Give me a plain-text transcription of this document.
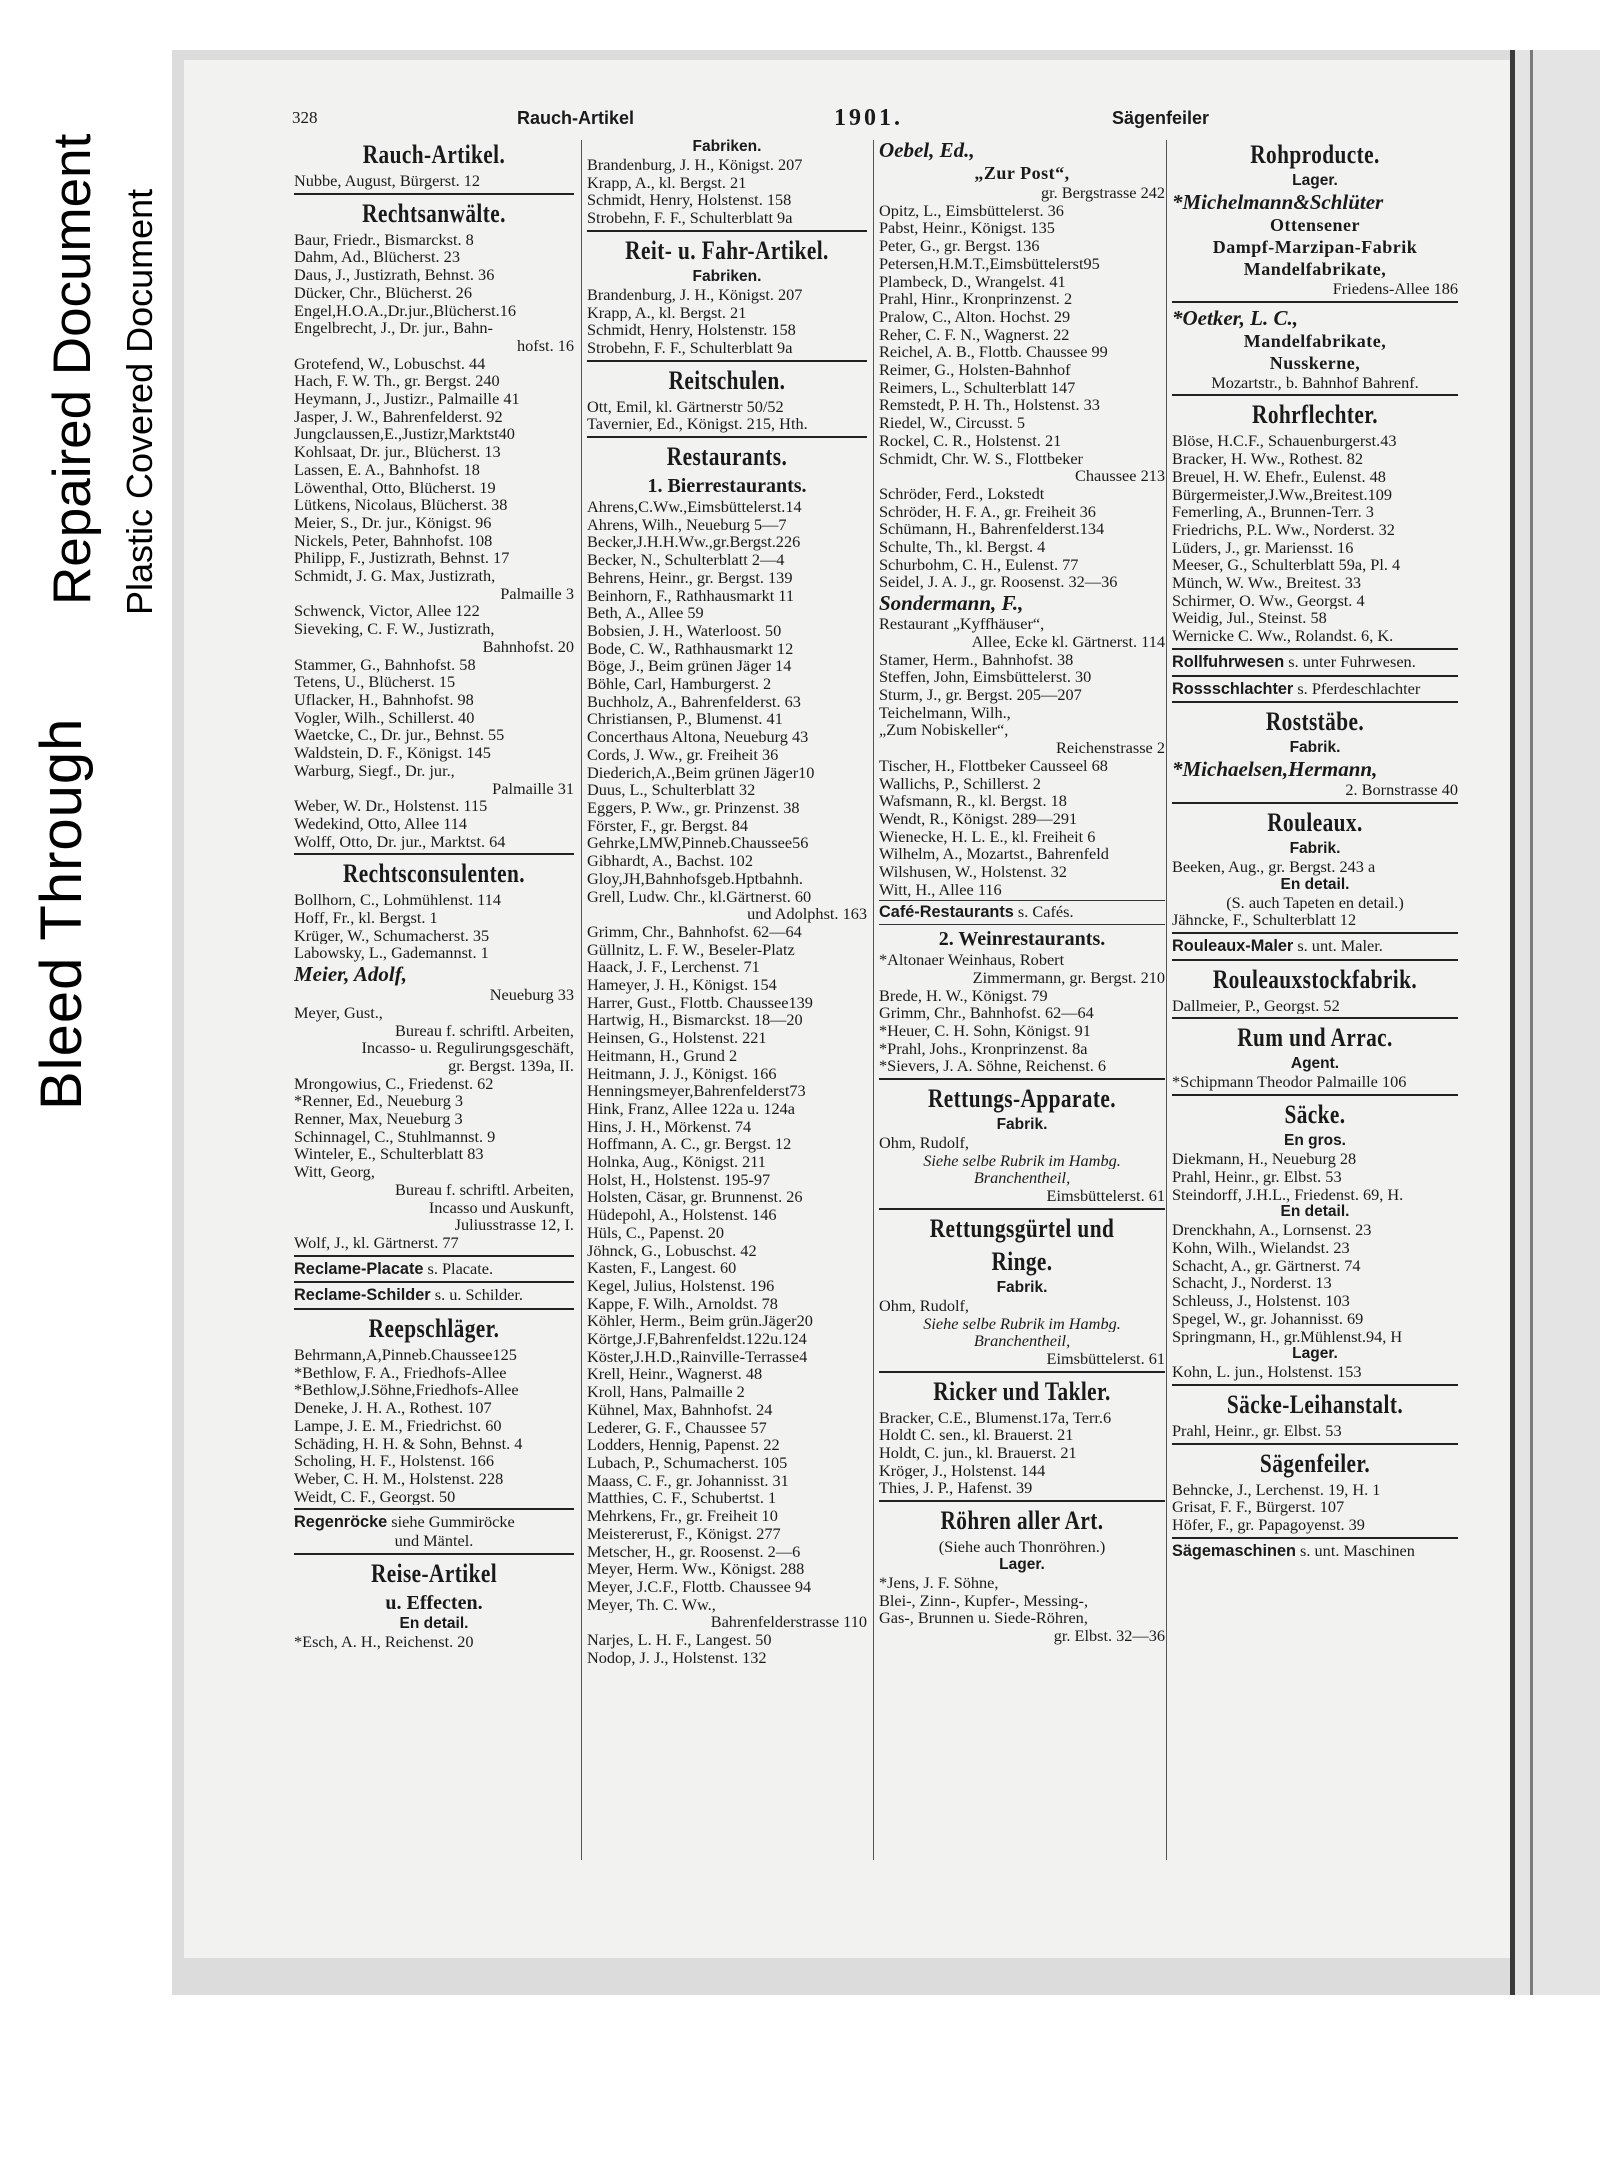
Bleed Through
Repaired Document Plastic Covered Document
328	Rauch-Artikel	1901.	Sägenfeiler
Rauch-Artikel.
Nubbe, August, Bürgerst. 12
Rechtsanwälte.
Baur, Friedr., Bismarckst. 8
Dahm, Ad., Blücherst. 23
Daus, J., Justizrath, Behnst. 36
Dücker, Chr., Blücherst. 26
Engel,H.O.A.,Dr.jur.,Blücherst.16
Engelbrecht, J., Dr. jur., Bahn-
hofst. 16
Grotefend, W., Lobuschst. 44
Hach, F. W. Th., gr. Bergst. 240
Heymann, J., Justizr., Palmaille 41
Jasper, J. W., Bahrenfelderst. 92
Jungclaussen,E.,Justizr,Marktst40
Kohlsaat, Dr. jur., Blücherst. 13
Lassen, E. A., Bahnhofst. 18
Löwenthal, Otto, Blücherst. 19
Lütkens, Nicolaus, Blücherst. 38
Meier, S., Dr. jur., Königst. 96
Nickels, Peter, Bahnhofst. 108
Philipp, F., Justizrath, Behnst. 17
Schmidt, J. G. Max, Justizrath,
Palmaille 3
Schwenck, Victor, Allee 122
Sieveking, C. F. W., Justizrath,
Bahnhofst. 20
Stammer, G., Bahnhofst. 58
Tetens, U., Blücherst. 15
Uflacker, H., Bahnhofst. 98
Vogler, Wilh., Schillerst. 40
Waetcke, C., Dr. jur., Behnst. 55
Waldstein, D. F., Königst. 145
Warburg, Siegf., Dr. jur.,
Palmaille 31
Weber, W. Dr., Holstenst. 115
Wedekind, Otto, Allee 114
Wolff, Otto, Dr. jur., Marktst. 64
Rechtsconsulenten.
Bollhorn, C., Lohmühlenst. 114
Hoff, Fr., kl. Bergst. 1
Krüger, W., Schumacherst. 35
Labowsky, L., Gademannst. 1
Meier, Adolf,
Neueburg 33
Meyer, Gust.,
Bureau f. schriftl. Arbeiten,
Incasso- u. Regulirungsgeschäft,
gr. Bergst. 139a, II.
Mrongowius, C., Friedenst. 62
*Renner, Ed., Neueburg 3
Renner, Max, Neueburg 3
Schinnagel, C., Stuhlmannst. 9
Winteler, E., Schulterblatt 83
Witt, Georg,
Bureau f. schriftl. Arbeiten,
Incasso und Auskunft,
Juliusstrasse 12, I.
Wolf, J., kl. Gärtnerst. 77
Reclame-Placate s. Placate.
Reclame-Schilder s. u. Schilder.
Reepschläger.
Behrmann,A,Pinneb.Chaussee125
*Bethlow, F. A., Friedhofs-Allee
*Bethlow,J.Söhne,Friedhofs-Allee
Deneke, J. H. A., Rothest. 107
Lampe, J. E. M., Friedrichst. 60
Schäding, H. H. & Sohn, Behnst. 4
Scholing, H. F., Holstenst. 166
Weber, C. H. M., Holstenst. 228
Weidt, C. F., Georgst. 50
Regenröcke siehe Gummiröcke
und Mäntel.
Reise-Artikel
u. Effecten.
En detail.
*Esch, A. H., Reichenst. 20
Fabriken.
Brandenburg, J. H., Königst. 207
Krapp, A., kl. Bergst. 21
Schmidt, Henry, Holstenst. 158
Strobehn, F. F., Schulterblatt 9a
Reit- u. Fahr-Artikel.
Fabriken.
Brandenburg, J. H., Königst. 207
Krapp, A., kl. Bergst. 21
Schmidt, Henry, Holstenstr. 158
Strobehn, F. F., Schulterblatt 9a
Reitschulen.
Ott, Emil, kl. Gärtnerstr 50/52
Tavernier, Ed., Königst. 215, Hth.
Restaurants.
1. Bierrestaurants.
Ahrens,C.Ww.,Eimsbüttelerst.14
Ahrens, Wilh., Neueburg 5—7
Becker,J.H.H.Ww.,gr.Bergst.226
Becker, N., Schulterblatt 2—4
Behrens, Heinr., gr. Bergst. 139
Beinhorn, F., Rathhausmarkt 11
Beth, A., Allee 59
Bobsien, J. H., Waterloost. 50
Bode, C. W., Rathhausmarkt 12
Böge, J., Beim grünen Jäger 14
Böhle, Carl, Hamburgerst. 2
Buchholz, A., Bahrenfelderst. 63
Christiansen, P., Blumenst. 41
Concerthaus Altona, Neueburg 43
Cords, J. Ww., gr. Freiheit 36
Diederich,A.,Beim grünen Jäger10
Duus, L., Schulterblatt 32
Eggers, P. Ww., gr. Prinzenst. 38
Förster, F., gr. Bergst. 84
Gehrke,LMW,Pinneb.Chaussee56
Gibhardt, A., Bachst. 102
Gloy,JH,Bahnhofsgeb.Hptbahnh.
Grell, Ludw. Chr., kl.Gärtnerst. 60
und Adolphst. 163
Grimm, Chr., Bahnhofst. 62—64
Güllnitz, L. F. W., Beseler-Platz
Haack, J. F., Lerchenst. 71
Hameyer, J. H., Königst. 154
Harrer, Gust., Flottb. Chaussee139
Hartwig, H., Bismarckst. 18—20
Heinsen, G., Holstenst. 221
Heitmann, H., Grund 2
Heitmann, J. J., Königst. 166
Henningsmeyer,Bahrenfelderst73
Hink, Franz, Allee 122a u. 124a
Hins, J. H., Mörkenst. 74
Hoffmann, A. C., gr. Bergst. 12
Holnka, Aug., Königst. 211
Holst, H., Holstenst. 195-97
Holsten, Cäsar, gr. Brunnenst. 26
Hüdepohl, A., Holstenst. 146
Hüls, C., Papenst. 20
Jöhnck, G., Lobuschst. 42
Kasten, F., Langest. 60
Kegel, Julius, Holstenst. 196
Kappe, F. Wilh., Arnoldst. 78
Köhler, Herm., Beim grün.Jäger20
Körtge,J.F,Bahrenfeldst.122u.124
Köster,J.H.D.,Rainville-Terrasse4
Krell, Heinr., Wagnerst. 48
Kroll, Hans, Palmaille 2
Kühnel, Max, Bahnhofst. 24
Lederer, G. F., Chaussee 57
Lodders, Hennig, Papenst. 22
Lubach, P., Schumacherst. 105
Maass, C. F., gr. Johannisst. 31
Matthies, C. F., Schubertst. 1
Mehrkens, Fr., gr. Freiheit 10
Meistererust, F., Königst. 277
Metscher, H., gr. Roosenst. 2—6
Meyer, Herm. Ww., Königst. 288
Meyer, J.C.F., Flottb. Chaussee 94
Meyer, Th. C. Ww.,
Bahrenfelderstrasse 110
Narjes, L. H. F., Langest. 50
Nodop, J. J., Holstenst. 132
Oebel, Ed.,
„Zur Post“,
gr. Bergstrasse 242
Opitz, L., Eimsbüttelerst. 36
Pabst, Heinr., Königst. 135
Peter, G., gr. Bergst. 136
Petersen,H.M.T.,Eimsbüttelerst95
Plambeck, D., Wrangelst. 41
Prahl, Hinr., Kronprinzenst. 2
Pralow, C., Alton. Hochst. 29
Reher, C. F. N., Wagnerst. 22
Reichel, A. B., Flottb. Chaussee 99
Reimer, G., Holsten-Bahnhof
Reimers, L., Schulterblatt 147
Remstedt, P. H. Th., Holstenst. 33
Riedel, W., Circusst. 5
Rockel, C. R., Holstenst. 21
Schmidt, Chr. W. S., Flottbeker
Chaussee 213
Schröder, Ferd., Lokstedt
Schröder, H. F. A., gr. Freiheit 36
Schümann, H., Bahrenfelderst.134
Schulte, Th., kl. Bergst. 4
Schurbohm, C. H., Eulenst. 77
Seidel, J. A. J., gr. Roosenst. 32—36
Sondermann, F.,
Restaurant „Kyffhäuser“,
Allee, Ecke kl. Gärtnerst. 114
Stamer, Herm., Bahnhofst. 38
Steffen, John, Eimsbüttelerst. 30
Sturm, J., gr. Bergst. 205—207
Teichelmann, Wilh.,
„Zum Nobiskeller“,
Reichenstrasse 2
Tischer, H., Flottbeker Causseel 68
Wallichs, P., Schillerst. 2
Wafsmann, R., kl. Bergst. 18
Wendt, R., Königst. 289—291
Wienecke, H. L. E., kl. Freiheit 6
Wilhelm, A., Mozartst., Bahrenfeld
Wilshusen, W., Holstenst. 32
Witt, H., Allee 116
Café-Restaurants s. Cafés.
2. Weinrestaurants.
*Altonaer Weinhaus, Robert
Zimmermann, gr. Bergst. 210
Brede, H. W., Königst. 79
Grimm, Chr., Bahnhofst. 62—64
*Heuer, C. H. Sohn, Königst. 91
*Prahl, Johs., Kronprinzenst. 8a
*Sievers, J. A. Söhne, Reichenst. 6
Rettungs-Apparate.
Fabrik.
Ohm, Rudolf,
Siehe selbe Rubrik im Hambg.
Branchentheil,
Eimsbüttelerst. 61
Rettungsgürtel und
Ringe.
Fabrik.
Ohm, Rudolf,
Siehe selbe Rubrik im Hambg.
Branchentheil,
Eimsbüttelerst. 61
Ricker und Takler.
Bracker, C.E., Blumenst.17a, Terr.6
Holdt C. sen., kl. Brauerst. 21
Holdt, C. jun., kl. Brauerst. 21
Kröger, J., Holstenst. 144
Thies, J. P., Hafenst. 39
Röhren aller Art.
(Siehe auch Thonröhren.)
Lager.
*Jens, J. F. Söhne,
Blei-, Zinn-, Kupfer-, Messing-,
Gas-, Brunnen u. Siede-Röhren,
gr. Elbst. 32—36
Rohproducte.
Lager.
*Michelmann&Schlüter
Ottensener
Dampf-Marzipan-Fabrik
Mandelfabrikate,
Friedens-Allee 186
*Oetker, L. C.,
Mandelfabrikate,
Nusskerne,
Mozartstr., b. Bahnhof Bahrenf.
Rohrflechter.
Blöse, H.C.F., Schauenburgerst.43
Bracker, H. Ww., Rothest. 82
Breuel, H. W. Ehefr., Eulenst. 48
Bürgermeister,J.Ww.,Breitest.109
Femerling, A., Brunnen-Terr. 3
Friedrichs, P.L. Ww., Norderst. 32
Lüders, J., gr. Mariensst. 16
Meeser, G., Schulterblatt 59a, Pl. 4
Münch, W. Ww., Breitest. 33
Schirmer, O. Ww., Georgst. 4
Weidig, Jul., Steinst. 58
Wernicke C. Ww., Rolandst. 6, K.
Rollfuhrwesen s. unter Fuhrwesen.
Rossschlachter s. Pferdeschlachter
Roststäbe.
Fabrik.
*Michaelsen,Hermann,
2. Bornstrasse 40
Rouleaux.
Fabrik.
Beeken, Aug., gr. Bergst. 243 a
En detail.
(S. auch Tapeten en detail.)
Jähncke, F., Schulterblatt 12
Rouleaux-Maler s. unt. Maler.
Rouleauxstockfabrik.
Dallmeier, P., Georgst. 52
Rum und Arrac.
Agent.
*Schipmann Theodor Palmaille 106
Säcke.
En gros.
Diekmann, H., Neueburg 28
Prahl, Heinr., gr. Elbst. 53
Steindorff, J.H.L., Friedenst. 69, H.
En detail.
Drenckhahn, A., Lornsenst. 23
Kohn, Wilh., Wielandst. 23
Schacht, A., gr. Gärtnerst. 74
Schacht, J., Norderst. 13
Schleuss, J., Holstenst. 103
Spegel, W., gr. Johannisst. 69
Springmann, H., gr.Mühlenst.94, H
Lager.
Kohn, L. jun., Holstenst. 153
Säcke-Leihanstalt.
Prahl, Heinr., gr. Elbst. 53
Sägenfeiler.
Behncke, J., Lerchenst. 19, H. 1
Grisat, F. F., Bürgerst. 107
Höfer, F., gr. Papagoyenst. 39
Sägemaschinen s. unt. Maschinen
